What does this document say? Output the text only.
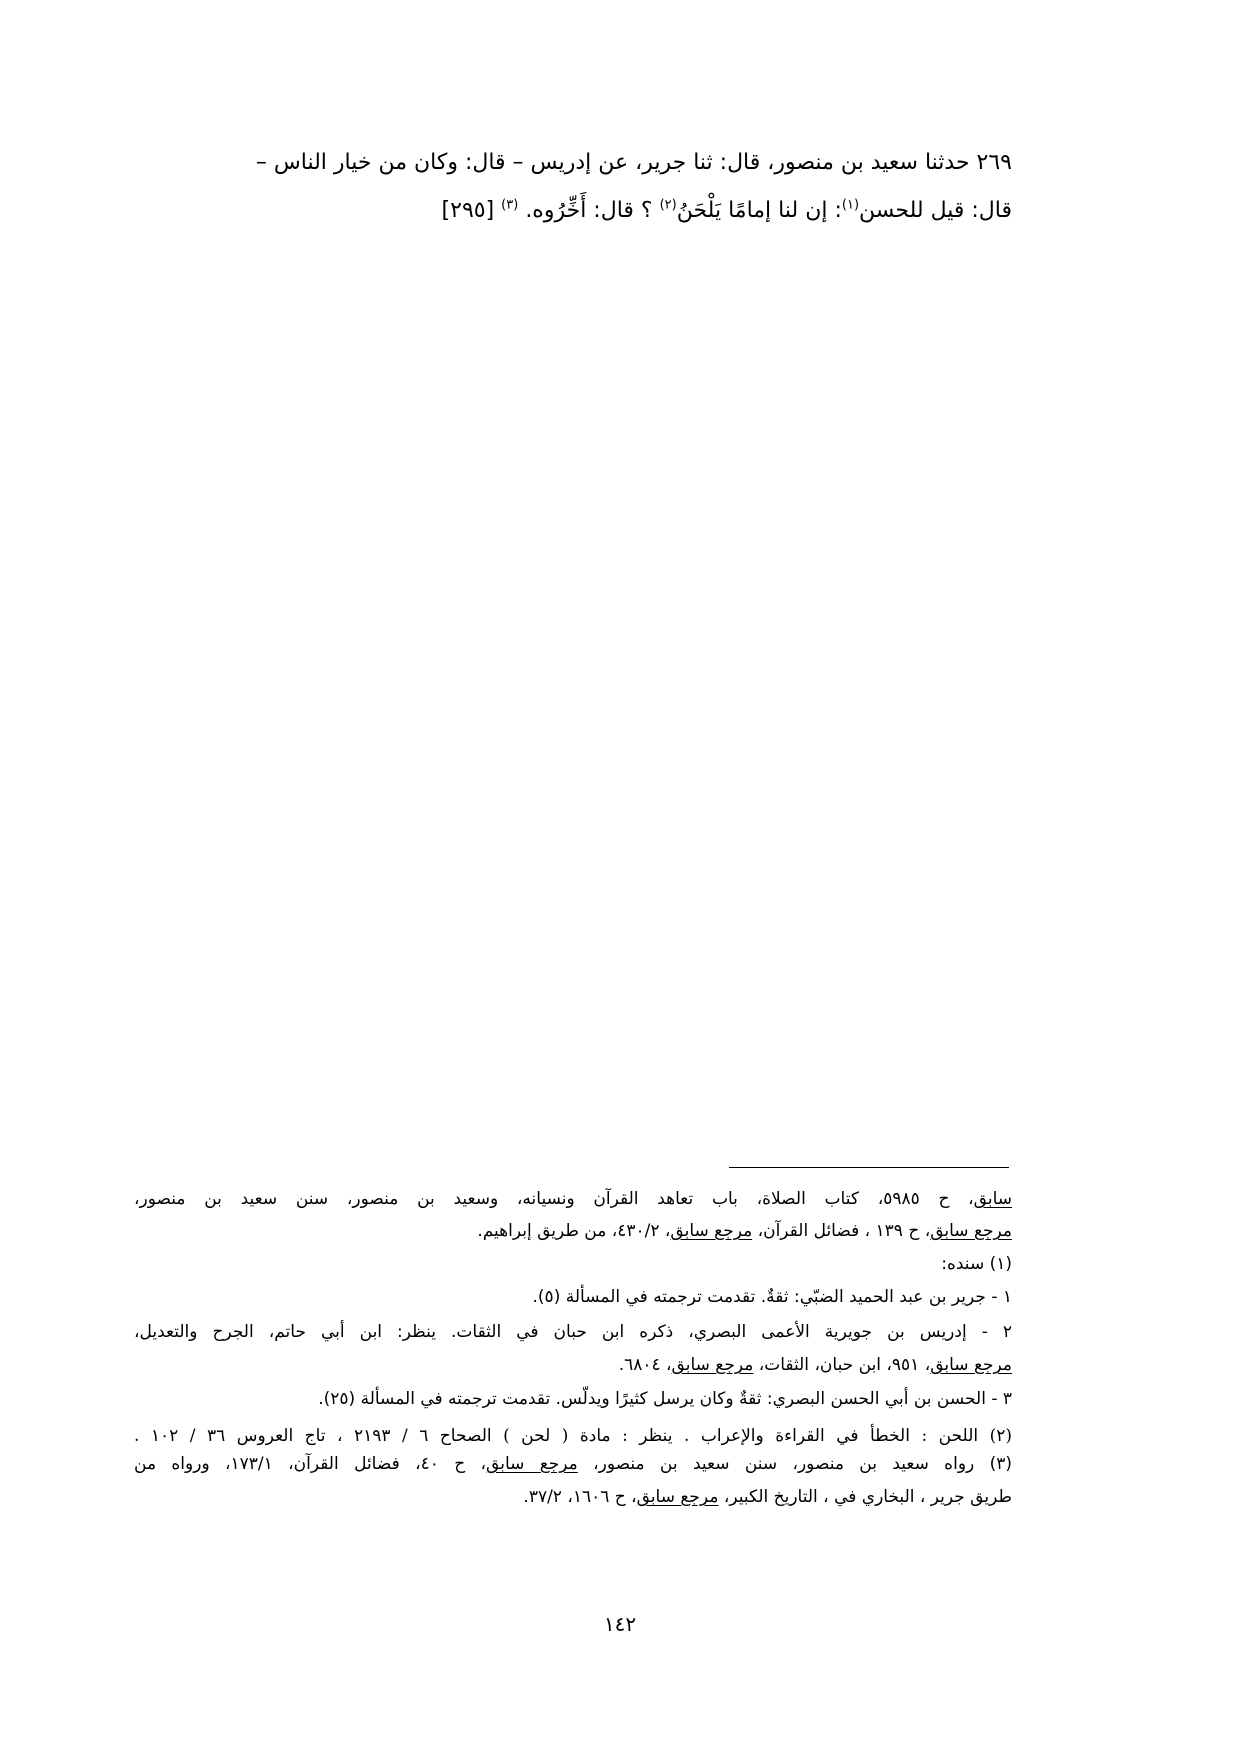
٢٦٩ حدثنا سعيد بن منصور، قال: ثنا جرير، عن إدريس – قال: وكان من خيار الناس –
قال: قيل للحسن$^{(١)}$: إن لنا إمامًا يَلْحَنُ$^{(٢)}$ ؟ قال: أَخِّرُوه. $^{(٣)}$ [٢٩٥]
سابق، ح ٥٩٨٥، كتاب الصلاة، باب تعاهد القرآن ونسيانه، وسعيد بن منصور، سنن سعيد بن منصور،
مرجع سابق، ح ١٣٩ ، فضائل القرآن، مرجع سابق، ٤٣٠/٢، من طريق إبراهيم.
(١) سنده:
١ - جرير بن عبد الحميد الضبّي: ثقةٌ. تقدمت ترجمته في المسألة (٥).
٢ - إدريس بن جويرية الأعمى البصري، ذكره ابن حبان في الثقات. ينظر: ابن أبي حاتم، الجرح والتعديل،
مرجع سابق، ٩٥١، ابن حبان، الثقات، مرجع سابق، ٦٨٠٤.
٣ - الحسن بن أبي الحسن البصري: ثقةٌ وكان يرسل كثيرًا ويدلّس. تقدمت ترجمته في المسألة (٢٥).
(٢) اللحن : الخطأ في القراءة والإعراب . ينظر : مادة ( لحن ) الصحاح ٦ / ٢١٩٣ ، تاج العروس ٣٦ / ١٠٢ .
(٣) رواه سعيد بن منصور، سنن سعيد بن منصور، مرجع سابق، ح ٤٠، فضائل القرآن، ١٧٣/١، ورواه من
طريق جرير ، البخاري في ، التاريخ الكبير، مرجع سابق، ح ١٦٠٦، ٣٧/٢.
١٤٢
